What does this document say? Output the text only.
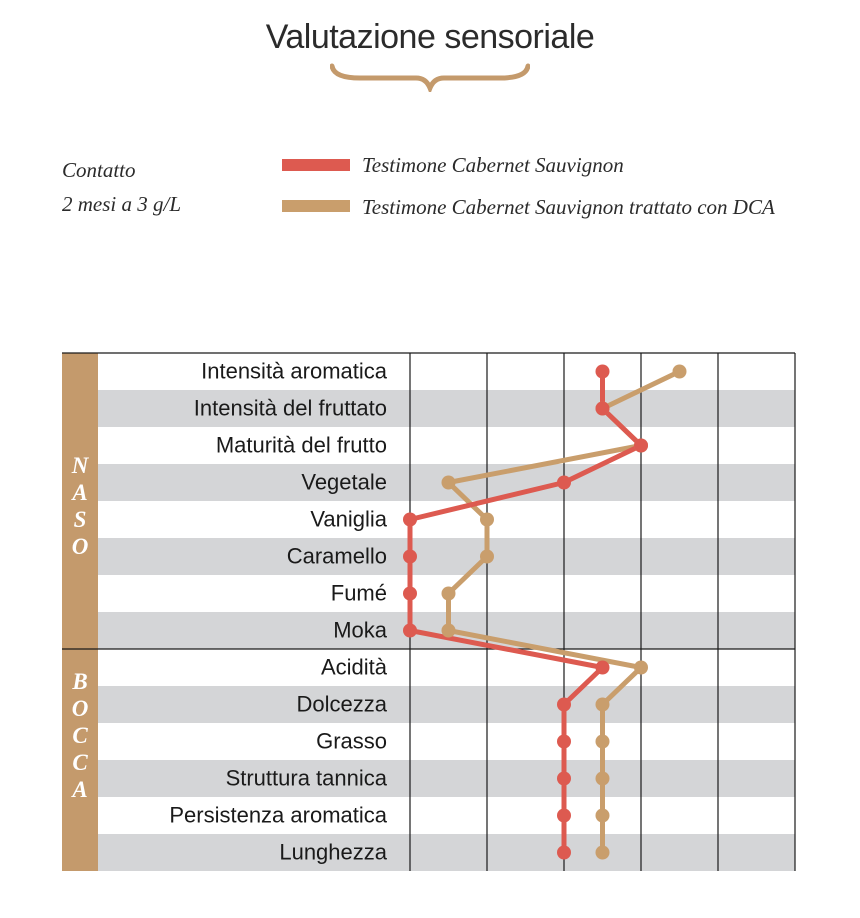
Valutazione sensoriale
Contatto
2 mesi a 3 g/L
Testimone Cabernet Sauvignon
Testimone Cabernet Sauvignon trattato con DCA
N
A
S
O
B
O
C
C
A
Intensità aromatica
Intensità del fruttato
Maturità del frutto
Vegetale
Vaniglia
Caramello
Fumé
Moka
Acidità
Dolcezza
Grasso
Struttura tannica
Persistenza aromatica
Lunghezza
